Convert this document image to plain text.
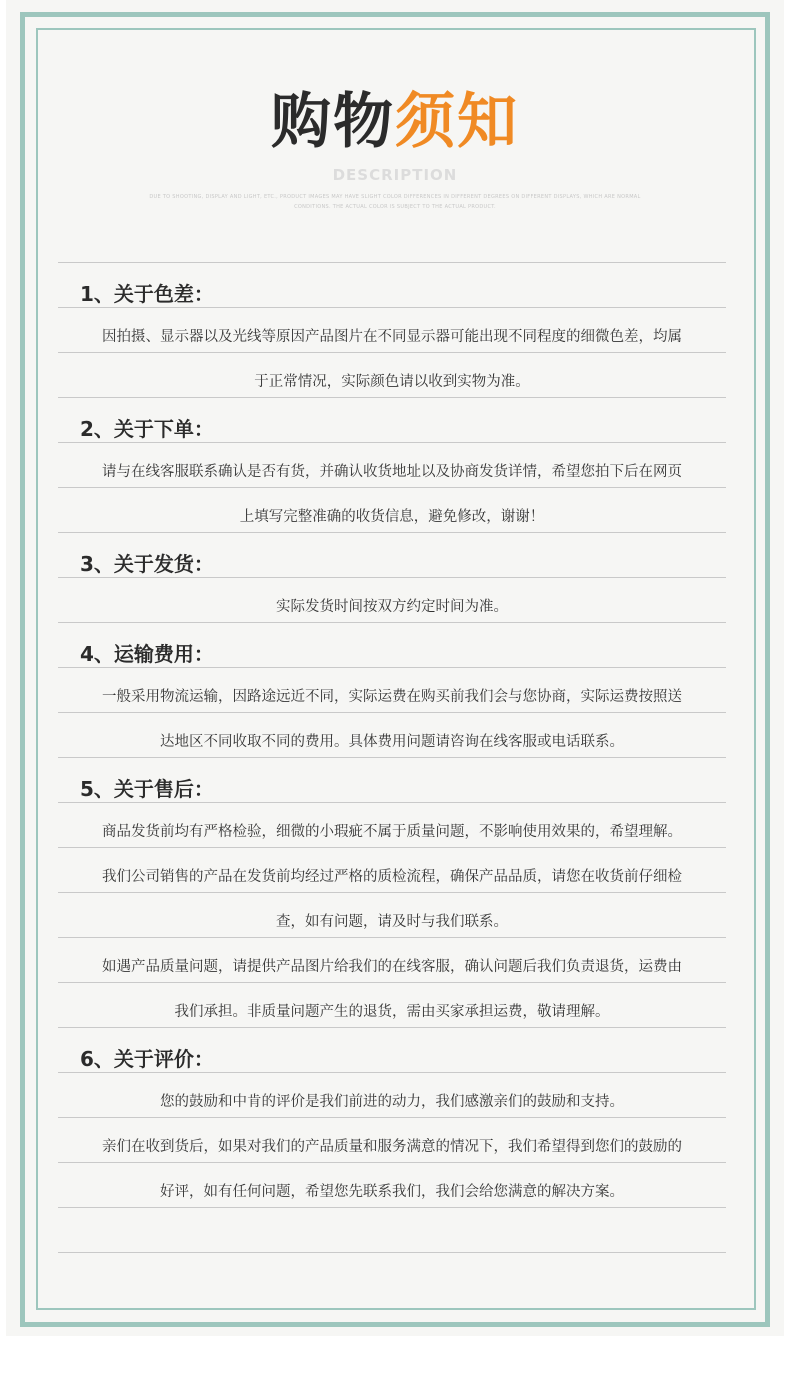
购物须知
DESCRIPTION
DUE TO SHOOTING, DISPLAY AND LIGHT, ETC., PRODUCT IMAGES MAY HAVE SLIGHT COLOR DIFFERENCES IN DIFFERENT DEGREES ON DIFFERENT DISPLAYS, WHICH ARE NORMAL
CONDITIONS. THE ACTUAL COLOR IS SUBJECT TO THE ACTUAL PRODUCT.
1、关于色差：
因拍摄、显示器以及光线等原因产品图片在不同显示器可能出现不同程度的细微色差，均属
于正常情况，实际颜色请以收到实物为准。
2、关于下单：
请与在线客服联系确认是否有货，并确认收货地址以及协商发货详情，希望您拍下后在网页
上填写完整准确的收货信息，避免修改，谢谢！
3、关于发货：
实际发货时间按双方约定时间为准。
4、运输费用：
一般采用物流运输，因路途远近不同，实际运费在购买前我们会与您协商，实际运费按照送
达地区不同收取不同的费用。具体费用问题请咨询在线客服或电话联系。
5、关于售后：
商品发货前均有严格检验，细微的小瑕疵不属于质量问题，不影响使用效果的，希望理解。
我们公司销售的产品在发货前均经过严格的质检流程，确保产品品质，请您在收货前仔细检
查，如有问题，请及时与我们联系。
如遇产品质量问题，请提供产品图片给我们的在线客服，确认问题后我们负责退货，运费由
我们承担。非质量问题产生的退货，需由买家承担运费，敬请理解。
6、关于评价：
您的鼓励和中肯的评价是我们前进的动力，我们感激亲们的鼓励和支持。
亲们在收到货后，如果对我们的产品质量和服务满意的情况下，我们希望得到您们的鼓励的
好评，如有任何问题，希望您先联系我们，我们会给您满意的解决方案。
